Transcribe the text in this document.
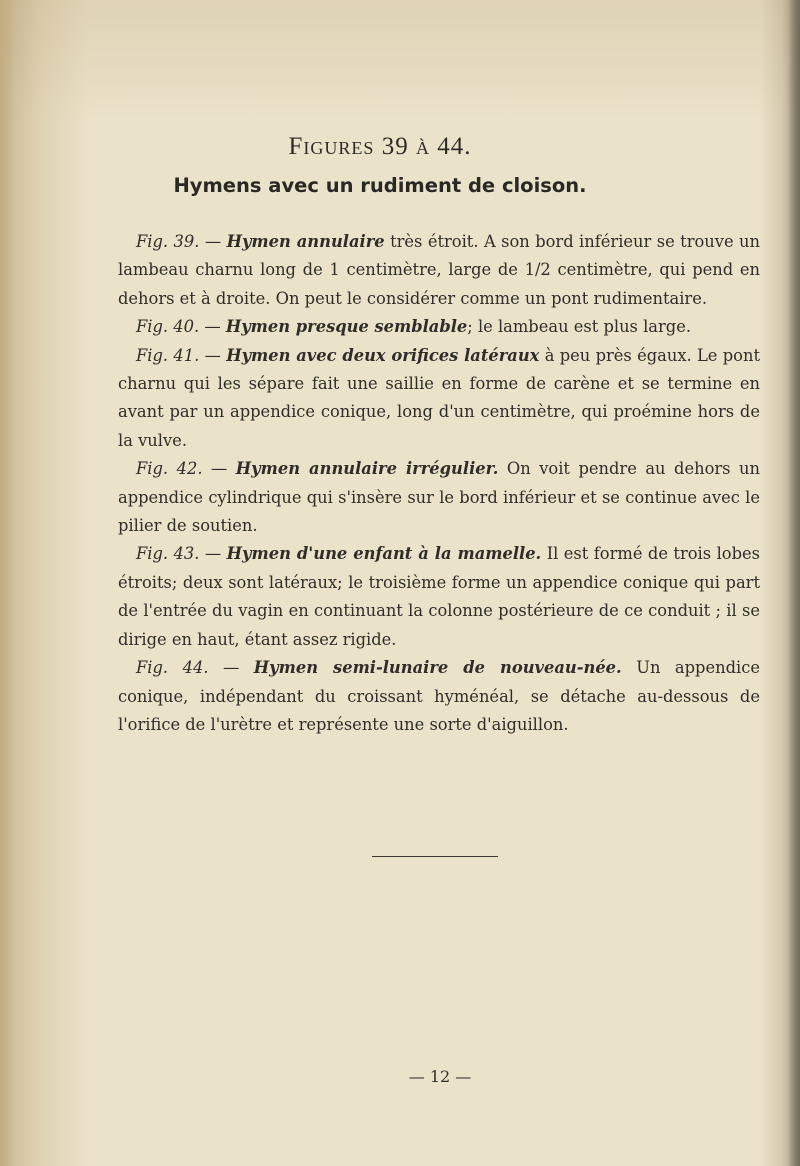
Figures 39 à 44.
Hymens avec un rudiment de cloison.

Fig. 39. — Hymen annulaire très étroit. A son bord inférieur se trouve un lambeau charnu long de 1 centimètre, large de 1/2 centimètre, qui pend en dehors et à droite. On peut le considérer comme un pont rudimentaire.

Fig. 40. — Hymen presque semblable; le lambeau est plus large.

Fig. 41. — Hymen avec deux orifices latéraux à peu près égaux. Le pont charnu qui les sépare fait une saillie en forme de carène et se termine en avant par un appendice conique, long d'un centimètre, qui proémine hors de la vulve.

Fig. 42. — Hymen annulaire irrégulier. On voit pendre au dehors un appendice cylindrique qui s'insère sur le bord inférieur et se continue avec le pilier de soutien.

Fig. 43. — Hymen d'une enfant à la mamelle. Il est formé de trois lobes étroits; deux sont latéraux; le troisième forme un appendice conique qui part de l'entrée du vagin en continuant la colonne postérieure de ce conduit ; il se dirige en haut, étant assez rigide.

Fig. 44. — Hymen semi-lunaire de nouveau-née. Un appendice conique, indépendant du croissant hyménéal, se détache au-dessous de l'orifice de l'urètre et représente une sorte d'aiguillon.

— 12 —
